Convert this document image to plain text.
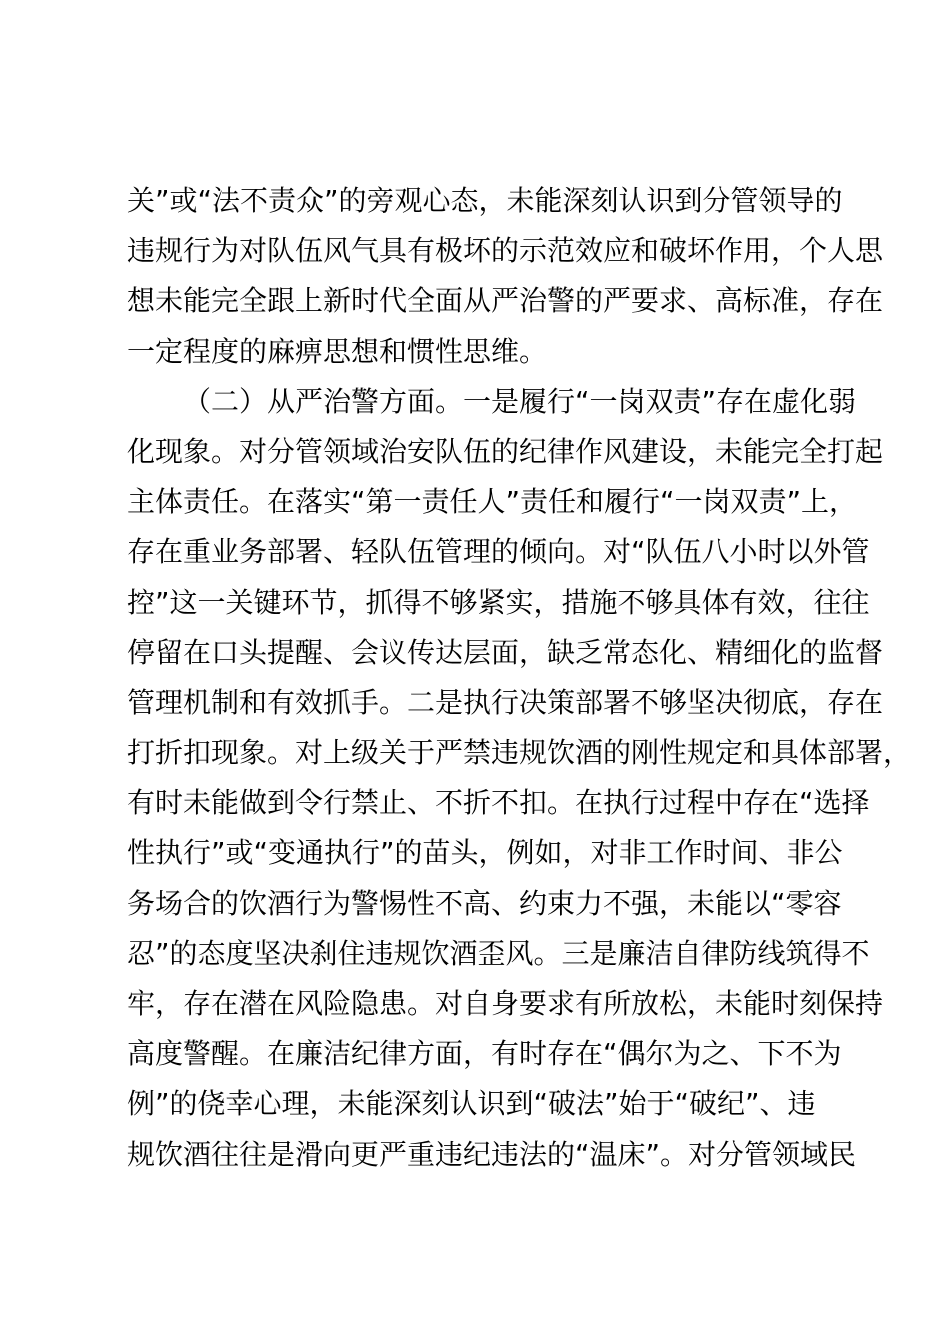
关”或“法不责众”的旁观心态，未能深刻认识到分管领导的
违规行为对队伍风气具有极坏的示范效应和破坏作用，个人思
想未能完全跟上新时代全面从严治警的严要求、高标准，存在
一定程度的麻痹思想和惯性思维。
（二）从严治警方面。一是履行“一岗双责”存在虚化弱
化现象。对分管领域治安队伍的纪律作风建设，未能完全打起
主体责任。在落实“第一责任人”责任和履行“一岗双责”上，
存在重业务部署、轻队伍管理的倾向。对“队伍八小时以外管
控”这一关键环节，抓得不够紧实，措施不够具体有效，往往
停留在口头提醒、会议传达层面，缺乏常态化、精细化的监督
管理机制和有效抓手。二是执行决策部署不够坚决彻底，存在
打折扣现象。对上级关于严禁违规饮酒的刚性规定和具体部署，
有时未能做到令行禁止、不折不扣。在执行过程中存在“选择
性执行”或“变通执行”的苗头，例如，对非工作时间、非公
务场合的饮酒行为警惕性不高、约束力不强，未能以“零容
忍”的态度坚决刹住违规饮酒歪风。三是廉洁自律防线筑得不
牢，存在潜在风险隐患。对自身要求有所放松，未能时刻保持
高度警醒。在廉洁纪律方面，有时存在“偶尔为之、下不为
例”的侥幸心理，未能深刻认识到“破法”始于“破纪”、违
规饮酒往往是滑向更严重违纪违法的“温床”。对分管领域民
